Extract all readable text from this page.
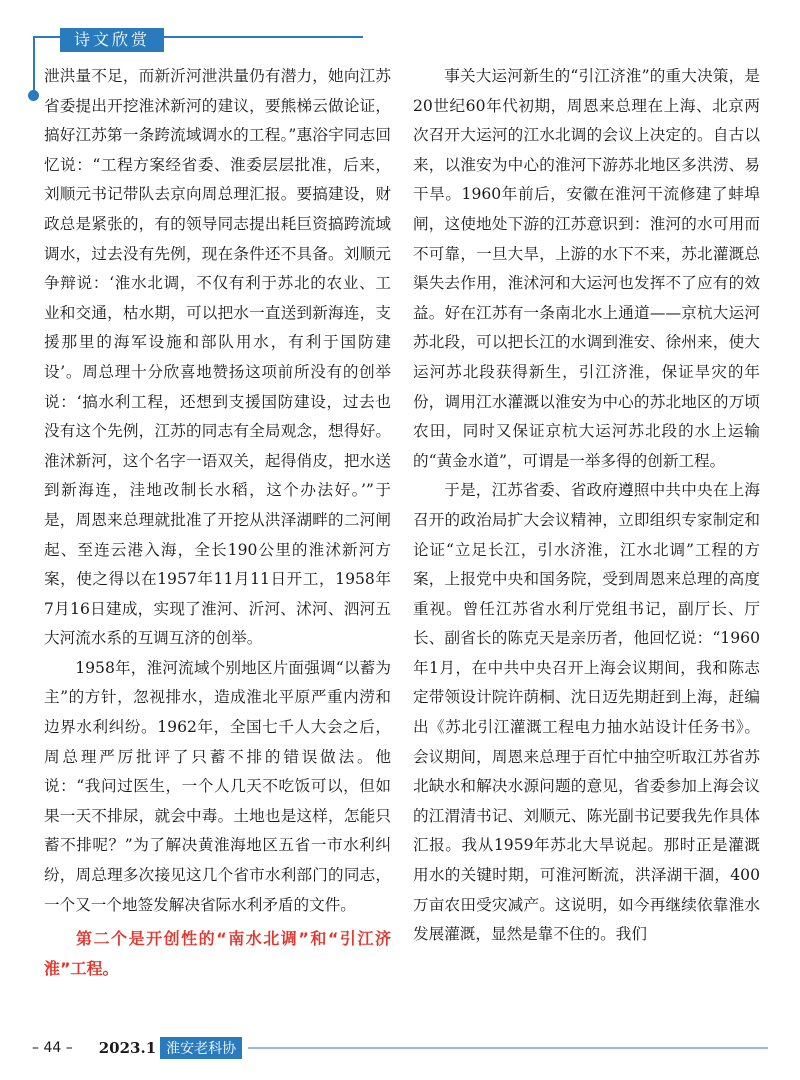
诗文欣赏

泄洪量不足，而新沂河泄洪量仍有潜力，她向江苏省委提出开挖淮沭新河的建议，要熊梯云做论证，搞好江苏第一条跨流域调水的工程。”惠浴宇同志回忆说：“工程方案经省委、淮委层层批准，后来，刘顺元书记带队去京向周总理汇报。要搞建设，财政总是紧张的，有的领导同志提出耗巨资搞跨流域调水，过去没有先例，现在条件还不具备。刘顺元争辩说：‘淮水北调，不仅有利于苏北的农业、工业和交通，枯水期，可以把水一直送到新海连，支援那里的海军设施和部队用水，有利于国防建设’。周总理十分欣喜地赞扬这项前所没有的创举说：‘搞水利工程，还想到支援国防建设，过去也没有这个先例，江苏的同志有全局观念，想得好。淮沭新河，这个名字一语双关，起得俏皮，把水送到新海连，洼地改制长水稻，这个办法好。’”于是，周恩来总理就批准了开挖从洪泽湖畔的二河闸起、至连云港入海，全长190公里的淮沭新河方案，使之得以在1957年11月11日开工，1958年7月16日建成，实现了淮河、沂河、沭河、泗河五大河流水系的互调互济的创举。

1958年，淮河流域个别地区片面强调“以蓄为主”的方针，忽视排水，造成淮北平原严重内涝和边界水利纠纷。1962年，全国七千人大会之后，周总理严厉批评了只蓄不排的错误做法。他说：“我问过医生，一个人几天不吃饭可以，但如果一天不排尿，就会中毒。土地也是这样，怎能只蓄不排呢？”为了解决黄淮海地区五省一市水利纠纷，周总理多次接见这几个省市水利部门的同志，一个又一个地签发解决省际水利矛盾的文件。

第二个是开创性的“南水北调”和“引江济淮”工程。

事关大运河新生的“引江济淮”的重大决策，是20世纪60年代初期，周恩来总理在上海、北京两次召开大运河的江水北调的会议上决定的。自古以来，以淮安为中心的淮河下游苏北地区多洪涝、易干旱。1960年前后，安徽在淮河干流修建了蚌埠闸，这使地处下游的江苏意识到：淮河的水可用而不可靠，一旦大旱，上游的水下不来，苏北灌溉总渠失去作用，淮沭河和大运河也发挥不了应有的效益。好在江苏有一条南北水上通道——京杭大运河苏北段，可以把长江的水调到淮安、徐州来，使大运河苏北段获得新生，引江济淮，保证旱灾的年份，调用江水灌溉以淮安为中心的苏北地区的万顷农田，同时又保证京杭大运河苏北段的水上运输的“黄金水道”，可谓是一举多得的创新工程。

于是，江苏省委、省政府遵照中共中央在上海召开的政治局扩大会议精神，立即组织专家制定和论证“立足长江，引水济淮，江水北调”工程的方案，上报党中央和国务院，受到周恩来总理的高度重视。曾任江苏省水利厅党组书记，副厅长、厅长、副省长的陈克天是亲历者，他回忆说：“1960年1月，在中共中央召开上海会议期间，我和陈志定带领设计院许荫桐、沈日迈先期赶到上海，赶编出《苏北引江灌溉工程电力抽水站设计任务书》。会议期间，周恩来总理于百忙中抽空听取江苏省苏北缺水和解决水源问题的意见，省委参加上海会议的江渭清书记、刘顺元、陈光副书记要我先作具体汇报。我从1959年苏北大旱说起。那时正是灌溉用水的关键时期，可淮河断流，洪泽湖干涸，400万亩农田受灾减产。这说明，如今再继续依靠淮水发展灌溉，显然是靠不住的。我们

– 44 – 2023.1 淮安老科协
